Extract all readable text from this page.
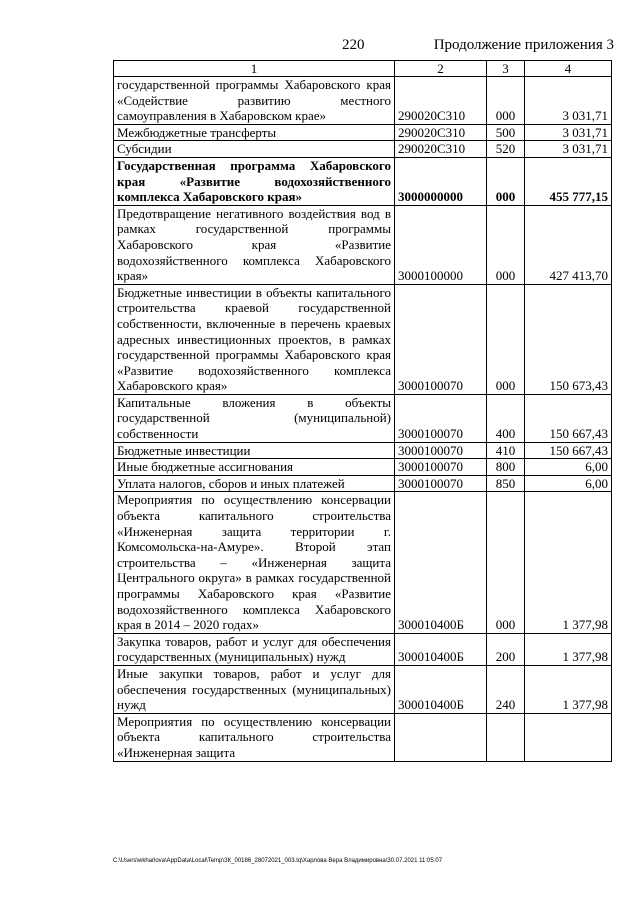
220	Продолжение приложения 3
1	2	3	4
государственной программы Хабаровского края «Содействие развитию местного самоуправления в Хабаровском крае»	290020С310	000	3 031,71
Межбюджетные трансферты	290020С310	500	3 031,71
Субсидии	290020С310	520	3 031,71
Государственная программа Хабаровского края «Развитие водохозяйственного комплекса Хабаровского края»	3000000000	000	455 777,15
Предотвращение негативного воздействия вод в рамках государственной программы Хабаровского края «Развитие водохозяйственного комплекса Хабаровского края»	3000100000	000	427 413,70
Бюджетные инвестиции в объекты капитального строительства краевой государственной собственности, включенные в перечень краевых адресных инвестиционных проектов, в рамках государственной программы Хабаровского края «Развитие водохозяйственного комплекса Хабаровского края»	3000100070	000	150 673,43
Капитальные вложения в объекты государственной (муниципальной) собственности	3000100070	400	150 667,43
Бюджетные инвестиции	3000100070	410	150 667,43
Иные бюджетные ассигнования	3000100070	800	6,00
Уплата налогов, сборов и иных платежей	3000100070	850	6,00
Мероприятия по осуществлению консервации объекта капитального строительства «Инженерная защита территории г. Комсомольска-на-Амуре». Второй этап строительства – «Инженерная защита Центрального округа» в рамках государственной программы Хабаровского края «Развитие водохозяйственного комплекса Хабаровского края в 2014 – 2020 годах»	300010400Б	000	1 377,98
Закупка товаров, работ и услуг для обеспечения государственных (муниципальных) нужд	300010400Б	200	1 377,98
Иные закупки товаров, работ и услуг для обеспечения государственных (муниципальных) нужд	300010400Б	240	1 377,98
Мероприятия по осуществлению консервации объекта капитального строительства «Инженерная защита			
C:\Users\wkharlova\AppData\Local\Temp\ЗК_00186_28072021_003.tq\Харлова Вера Владимировна\30.07.2021 11:05:07
